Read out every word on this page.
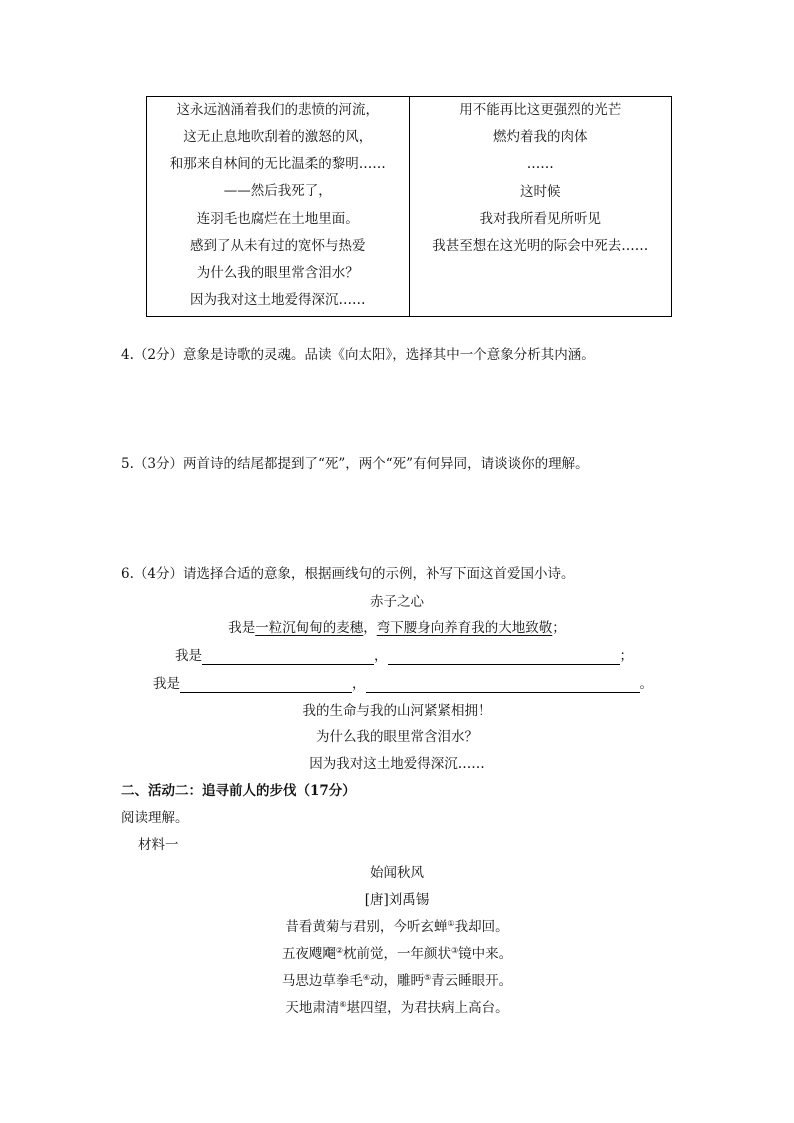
这永远汹涌着我们的悲愤的河流，
这无止息地吹刮着的激怒的风，
和那来自林间的无比温柔的黎明……
——然后我死了，
连羽毛也腐烂在土地里面。
感到了从未有过的宽怀与热爱
为什么我的眼里常含泪水？
因为我对这土地爱得深沉……
用不能再比这更强烈的光芒
燃灼着我的肉体
……
这时候
我对我所看见所听见
我甚至想在这光明的际会中死去……
4.（2分）意象是诗歌的灵魂。品读《向太阳》，选择其中一个意象分析其内涵。
5.（3分）两首诗的结尾都提到了“死”，两个“死”有何异同，请谈谈你的理解。
6.（4分）请选择合适的意象，根据画线句的示例，补写下面这首爱国小诗。
赤子之心
我是一粒沉甸甸的麦穗，弯下腰身向养育我的大地致敬；
我是	，	；
我是	，	。
我的生命与我的山河紧紧相拥！
为什么我的眼里常含泪水？
因为我对这土地爱得深沉……
二、活动二：追寻前人的步伐（17分）
阅读理解。
材料一
始闻秋风
[唐]刘禹锡
昔看黄菊与君别，今听玄蝉①我却回。
五夜飕飗②枕前觉，一年颜状③镜中来。
马思边草拳毛④动，雕眄⑤青云睡眼开。
天地肃清⑥堪四望，为君扶病上高台。
